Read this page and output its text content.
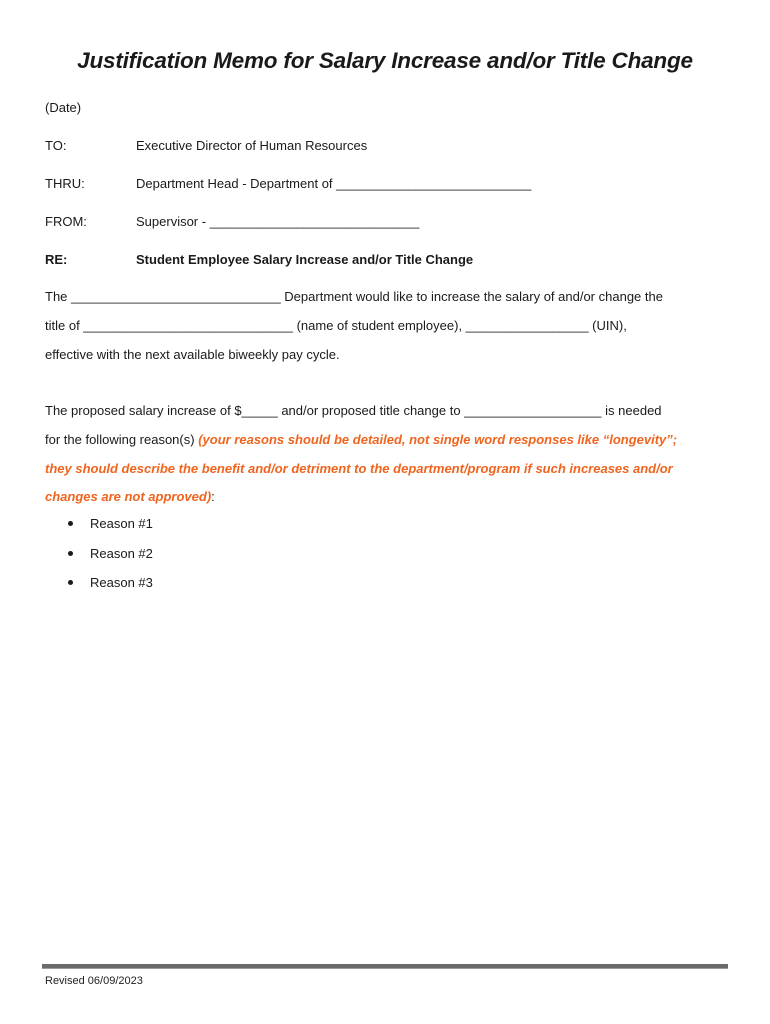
Justification Memo for Salary Increase and/or Title Change
(Date)
TO:	Executive Director of Human Resources
THRU:	Department Head - Department of ___________________________
FROM:	Supervisor - _____________________________
RE:	Student Employee Salary Increase and/or Title Change
The _____________________________ Department would like to increase the salary of and/or change the
title of _____________________________ (name of student employee), _________________ (UIN),
effective with the next available biweekly pay cycle.
The proposed salary increase of $_____ and/or proposed title change to ___________________ is needed
for the following reason(s) (your reasons should be detailed, not single word responses like “longevity”;
they should describe the benefit and/or detriment to the department/program if such increases and/or
changes are not approved):
Reason #1
Reason #2
Reason #3
Revised 06/09/2023
